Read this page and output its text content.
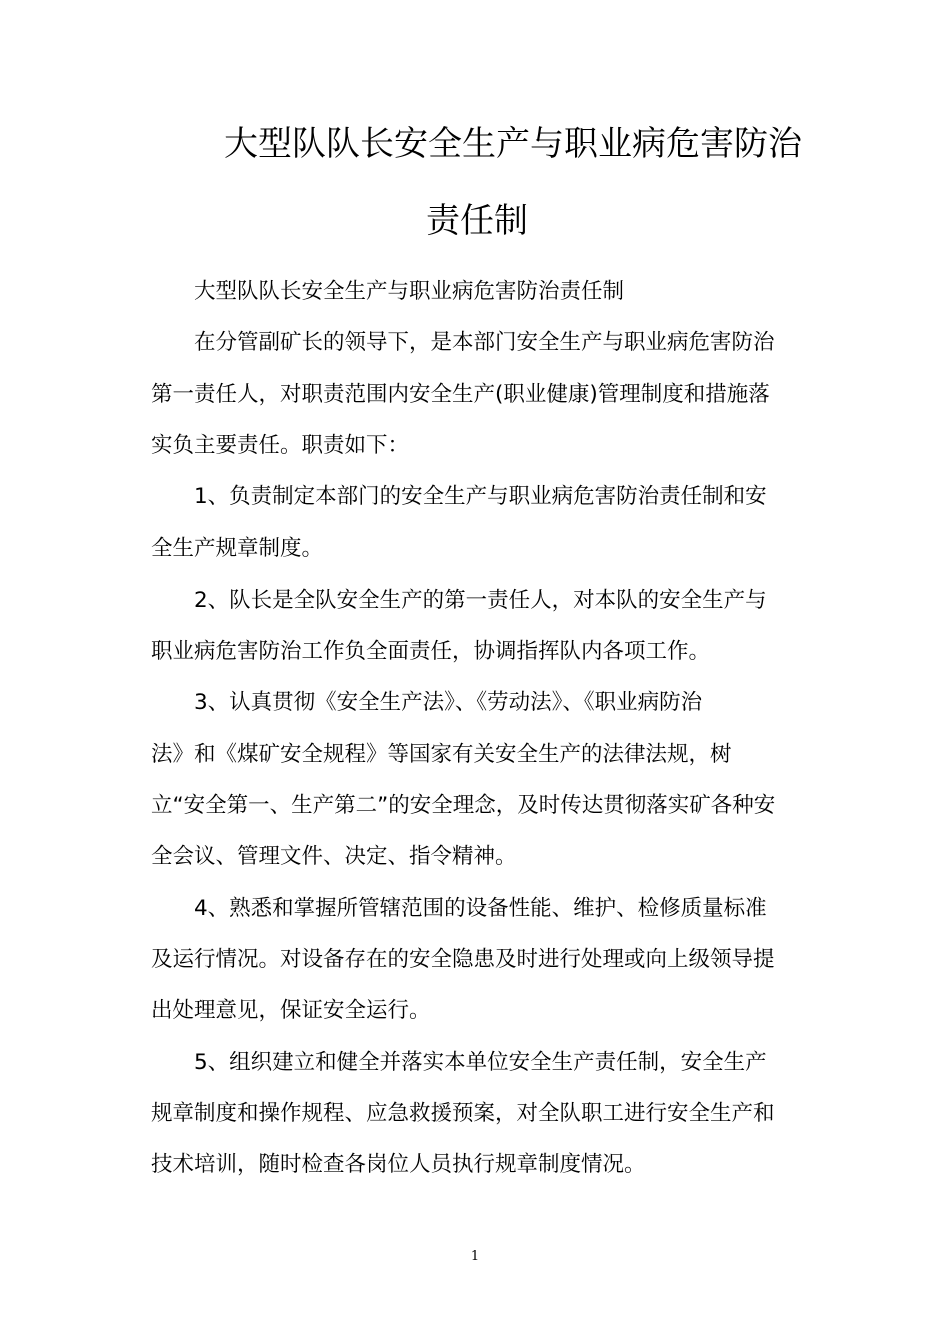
大型队队长安全生产与职业病危害防治
责任制
大型队队长安全生产与职业病危害防治责任制
在分管副矿长的领导下，是本部门安全生产与职业病危害防治
第一责任人，对职责范围内安全生产(职业健康)管理制度和措施落
实负主要责任。职责如下：
1、负责制定本部门的安全生产与职业病危害防治责任制和安
全生产规章制度。
2、队长是全队安全生产的第一责任人，对本队的安全生产与
职业病危害防治工作负全面责任，协调指挥队内各项工作。
3、认真贯彻《安全生产法》、《劳动法》、《职业病防治
法》和《煤矿安全规程》等国家有关安全生产的法律法规，树
立“安全第一、生产第二”的安全理念，及时传达贯彻落实矿各种安
全会议、管理文件、决定、指令精神。
4、熟悉和掌握所管辖范围的设备性能、维护、检修质量标准
及运行情况。对设备存在的安全隐患及时进行处理或向上级领导提
出处理意见，保证安全运行。
5、组织建立和健全并落实本单位安全生产责任制，安全生产
规章制度和操作规程、应急救援预案，对全队职工进行安全生产和
技术培训，随时检查各岗位人员执行规章制度情况。
1
